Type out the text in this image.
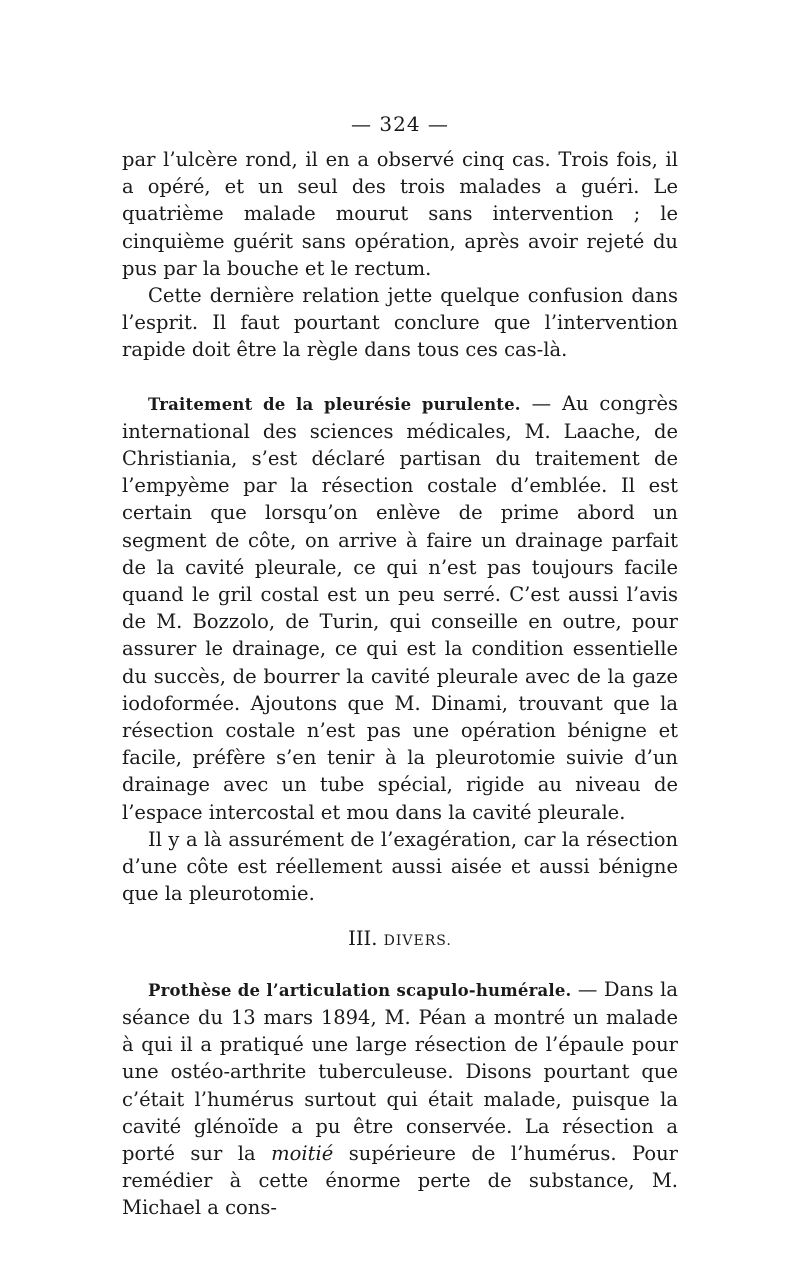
— 324 —

par l’ulcère rond, il en a observé cinq cas. Trois fois, il a opéré, et un seul des trois malades a guéri. Le quatrième malade mourut sans intervention ; le cinquième guérit sans opération, après avoir rejeté du pus par la bouche et le rectum.

Cette dernière relation jette quelque confusion dans l’esprit. Il faut pourtant conclure que l’intervention rapide doit être la règle dans tous ces cas-là.

Traitement de la pleurésie purulente. — Au congrès international des sciences médicales, M. Laache, de Christiania, s’est déclaré partisan du traitement de l’empyème par la résection costale d’emblée. Il est certain que lorsqu’on enlève de prime abord un segment de côte, on arrive à faire un drainage parfait de la cavité pleurale, ce qui n’est pas toujours facile quand le gril costal est un peu serré. C’est aussi l’avis de M. Bozzolo, de Turin, qui conseille en outre, pour assurer le drainage, ce qui est la condition essentielle du succès, de bourrer la cavité pleurale avec de la gaze iodoformée. Ajoutons que M. Dinami, trouvant que la résection costale n’est pas une opération bénigne et facile, préfère s’en tenir à la pleurotomie suivie d’un drainage avec un tube spécial, rigide au niveau de l’espace intercostal et mou dans la cavité pleurale.

Il y a là assurément de l’exagération, car la résection d’une côte est réellement aussi aisée et aussi bénigne que la pleurotomie.

III. DIVERS.

Prothèse de l’articulation scapulo-humérale. — Dans la séance du 13 mars 1894, M. Péan a montré un malade à qui il a pratiqué une large résection de l’épaule pour une ostéo-arthrite tuberculeuse. Disons pourtant que c’était l’humérus surtout qui était malade, puisque la cavité glénoïde a pu être conservée. La résection a porté sur la moitié supérieure de l’humérus. Pour remédier à cette énorme perte de substance, M. Michael a cons-
